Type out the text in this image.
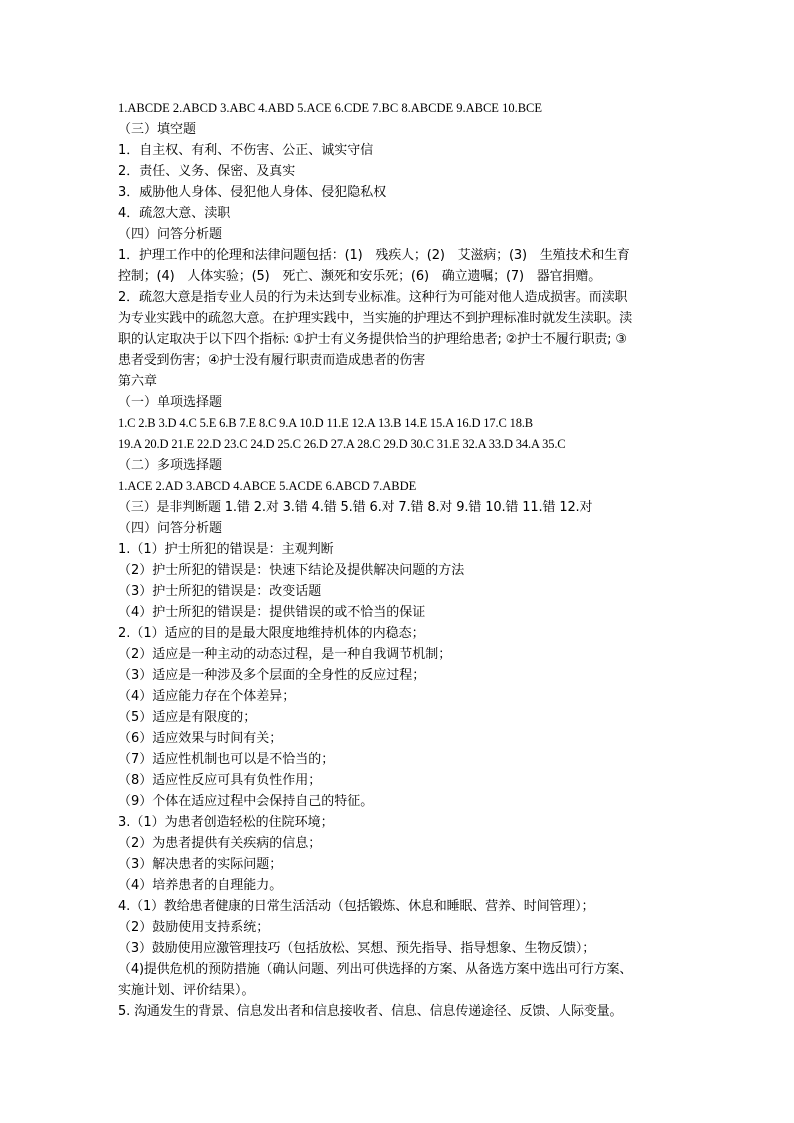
1.ABCDE 2.ABCD 3.ABC 4.ABD 5.ACE 6.CDE 7.BC 8.ABCDE 9.ABCE 10.BCE
（三）填空题
1．自主权、有利、不伤害、公正、诚实守信
2．责任、义务、保密、及真实
3．威胁他人身体、侵犯他人身体、侵犯隐私权
4．疏忽大意、渎职
（四）问答分析题
1．护理工作中的伦理和法律问题包括：(1)　残疾人；(2)　艾滋病；(3)　生殖技术和生育
控制；(4)　人体实验；(5)　死亡、濒死和安乐死；(6)　确立遗嘱；(7)　器官捐赠。
2．疏忽大意是指专业人员的行为未达到专业标准。这种行为可能对他人造成损害。而渎职
为专业实践中的疏忽大意。在护理实践中，当实施的护理达不到护理标准时就发生渎职。渎
职的认定取决于以下四个指标: ①护士有义务提供恰当的护理给患者; ②护士不履行职责; ③
患者受到伤害；④护士没有履行职责而造成患者的伤害
第六章
（一）单项选择题
1.C 2.B 3.D 4.C 5.E 6.B 7.E 8.C 9.A 10.D 11.E 12.A 13.B 14.E 15.A 16.D 17.C 18.B
19.A 20.D 21.E 22.D 23.C 24.D 25.C 26.D 27.A 28.C 29.D 30.C 31.E 32.A 33.D 34.A 35.C
（二）多项选择题
1.ACE 2.AD 3.ABCD 4.ABCE 5.ACDE 6.ABCD 7.ABDE
（三）是非判断题 1.错 2.对 3.错 4.错 5.错 6.对 7.错 8.对 9.错 10.错 11.错 12.对
（四）问答分析题
1.（1）护士所犯的错误是：主观判断
（2）护士所犯的错误是：快速下结论及提供解决问题的方法
（3）护士所犯的错误是：改变话题
（4）护士所犯的错误是：提供错误的或不恰当的保证
2.（1）适应的目的是最大限度地维持机体的内稳态；
（2）适应是一种主动的动态过程，是一种自我调节机制；
（3）适应是一种涉及多个层面的全身性的反应过程；
（4）适应能力存在个体差异；
（5）适应是有限度的；
（6）适应效果与时间有关；
（7）适应性机制也可以是不恰当的；
（8）适应性反应可具有负性作用；
（9）个体在适应过程中会保持自己的特征。
3.（1）为患者创造轻松的住院环境；
（2）为患者提供有关疾病的信息；
（3）解决患者的实际问题；
（4）培养患者的自理能力。
4.（1）教给患者健康的日常生活活动（包括锻炼、休息和睡眠、营养、时间管理）；
（2）鼓励使用支持系统；
（3）鼓励使用应激管理技巧（包括放松、冥想、预先指导、指导想象、生物反馈）；
（4)提供危机的预防措施（确认问题、列出可供选择的方案、从备选方案中选出可行方案、
实施计划、评价结果）。
5. 沟通发生的背景、信息发出者和信息接收者、信息、信息传递途径、反馈、人际变量。
